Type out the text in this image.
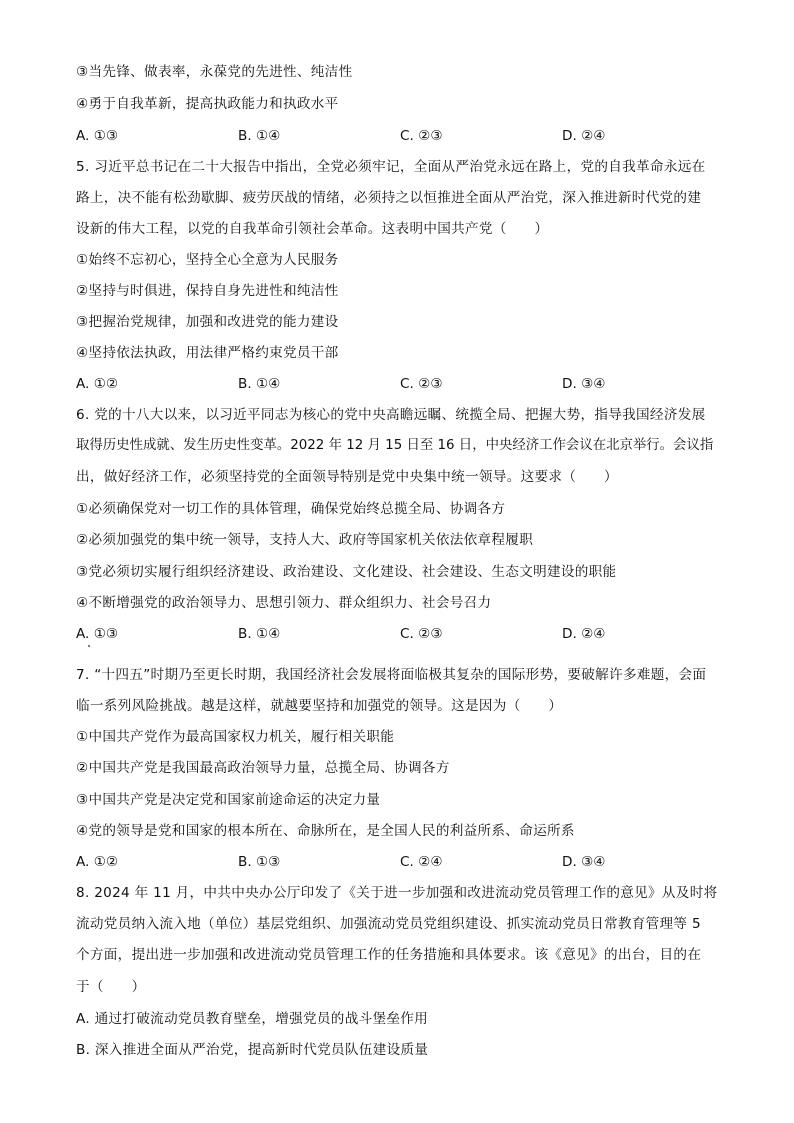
③当先锋、做表率，永葆党的先进性、纯洁性
④勇于自我革新，提高执政能力和执政水平
A. ①③	B. ①④	C. ②③	D. ②④
5. 习近平总书记在二十大报告中指出，全党必须牢记，全面从严治党永远在路上，党的自我革命永远在
路上，决不能有松劲歇脚、疲劳厌战的情绪，必须持之以恒推进全面从严治党，深入推进新时代党的建
设新的伟大工程，以党的自我革命引领社会革命。这表明中国共产党（　　）
①始终不忘初心，坚持全心全意为人民服务
②坚持与时俱进，保持自身先进性和纯洁性
③把握治党规律，加强和改进党的能力建设
④坚持依法执政，用法律严格约束党员干部
A. ①②	B. ①④	C. ②③	D. ③④
6. 党的十八大以来，以习近平同志为核心的党中央高瞻远瞩、统揽全局、把握大势，指导我国经济发展
取得历史性成就、发生历史性变革。2022 年 12 月 15 日至 16 日，中央经济工作会议在北京举行。会议指
出，做好经济工作，必须坚持党的全面领导特别是党中央集中统一领导。这要求（　　）
①必须确保党对一切工作的具体管理，确保党始终总揽全局、协调各方
②必须加强党的集中统一领导，支持人大、政府等国家机关依法依章程履职
③党必须切实履行组织经济建设、政治建设、文化建设、社会建设、生态文明建设的职能
④不断增强党的政治领导力、思想引领力、群众组织力、社会号召力
A. ①③	B. ①④	C. ②③	D. ②④
7. “十四五”时期乃至更长时期，我国经济社会发展将面临极其复杂的国际形势，要破解许多难题，会面
临一系列风险挑战。越是这样，就越要坚持和加强党的领导。这是因为（　　）
①中国共产党作为最高国家权力机关，履行相关职能
②中国共产党是我国最高政治领导力量，总揽全局、协调各方
③中国共产党是决定党和国家前途命运的决定力量
④党的领导是党和国家的根本所在、命脉所在，是全国人民的利益所系、命运所系
A. ①②	B. ①③	C. ②④	D. ③④
8. 2024 年 11 月，中共中央办公厅印发了《关于进一步加强和改进流动党员管理工作的意见》从及时将
流动党员纳入流入地（单位）基层党组织、加强流动党员党组织建设、抓实流动党员日常教育管理等 5
个方面，提出进一步加强和改进流动党员管理工作的任务措施和具体要求。该《意见》的出台，目的在
于（　　）
A. 通过打破流动党员教育壁垒，增强党员的战斗堡垒作用
B. 深入推进全面从严治党，提高新时代党员队伍建设质量
